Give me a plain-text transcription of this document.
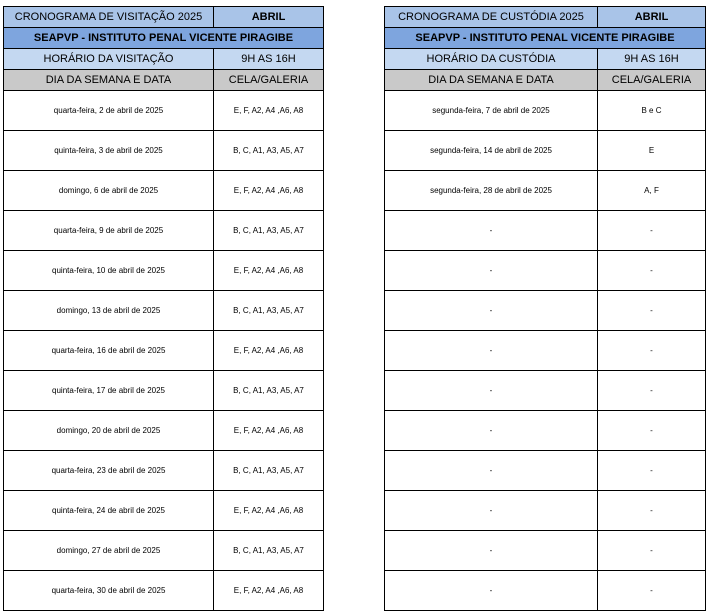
CRONOGRAMA DE VISITAÇÃO 2025	ABRIL
SEAPVP - INSTITUTO PENAL VICENTE PIRAGIBE	
HORÁRIO DA VISITAÇÃO	9H AS 16H
DIA DA SEMANA E DATA	CELA/GALERIA
quarta-feira, 2 de abril de 2025	E, F, A2, A4 ,A6, A8
quinta-feira, 3 de abril de 2025	B, C, A1, A3, A5, A7
domingo, 6 de abril de 2025	E, F, A2, A4 ,A6, A8
quarta-feira, 9 de abril de 2025	B, C, A1, A3, A5, A7
quinta-feira, 10 de abril de 2025	E, F, A2, A4 ,A6, A8
domingo, 13 de abril de 2025	B, C, A1, A3, A5, A7
quarta-feira, 16 de abril de 2025	E, F, A2, A4 ,A6, A8
quinta-feira, 17 de abril de 2025	B, C, A1, A3, A5, A7
domingo, 20 de abril de 2025	E, F, A2, A4 ,A6, A8
quarta-feira, 23 de abril de 2025	B, C, A1, A3, A5, A7
quinta-feira, 24 de abril de 2025	E, F, A2, A4 ,A6, A8
domingo, 27 de abril de 2025	B, C, A1, A3, A5, A7
quarta-feira, 30 de abril de 2025	E, F, A2, A4 ,A6, A8
CRONOGRAMA DE CUSTÓDIA 2025	ABRIL
SEAPVP - INSTITUTO PENAL VICENTE PIRAGIBE	
HORÁRIO DA CUSTÓDIA	9H AS 16H
DIA DA SEMANA E DATA	CELA/GALERIA
segunda-feira, 7 de abril de 2025	B e C
segunda-feira, 14 de abril de 2025	E
segunda-feira, 28 de abril de 2025	A, F
-	-
-	-
-	-
-	-
-	-
-	-
-	-
-	-
-	-
-	-
